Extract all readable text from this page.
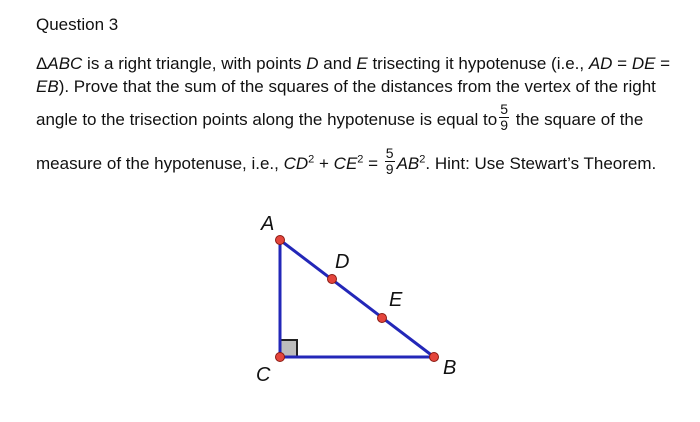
Question 3
ΔABC is a right triangle, with points D and E trisecting it hypotenuse (i.e., AD = DE =
EB). Prove that the sum of the squares of the distances from the vertex of the right
angle to the trisection points along the hypotenuse is equal to $\frac{5}{9}$ the square of the
measure of the hypotenuse, i.e., $CD^2 + CE^2 = \frac{5}{9} AB^2$. Hint: Use Stewart’s Theorem.
A
D
E
B
C
